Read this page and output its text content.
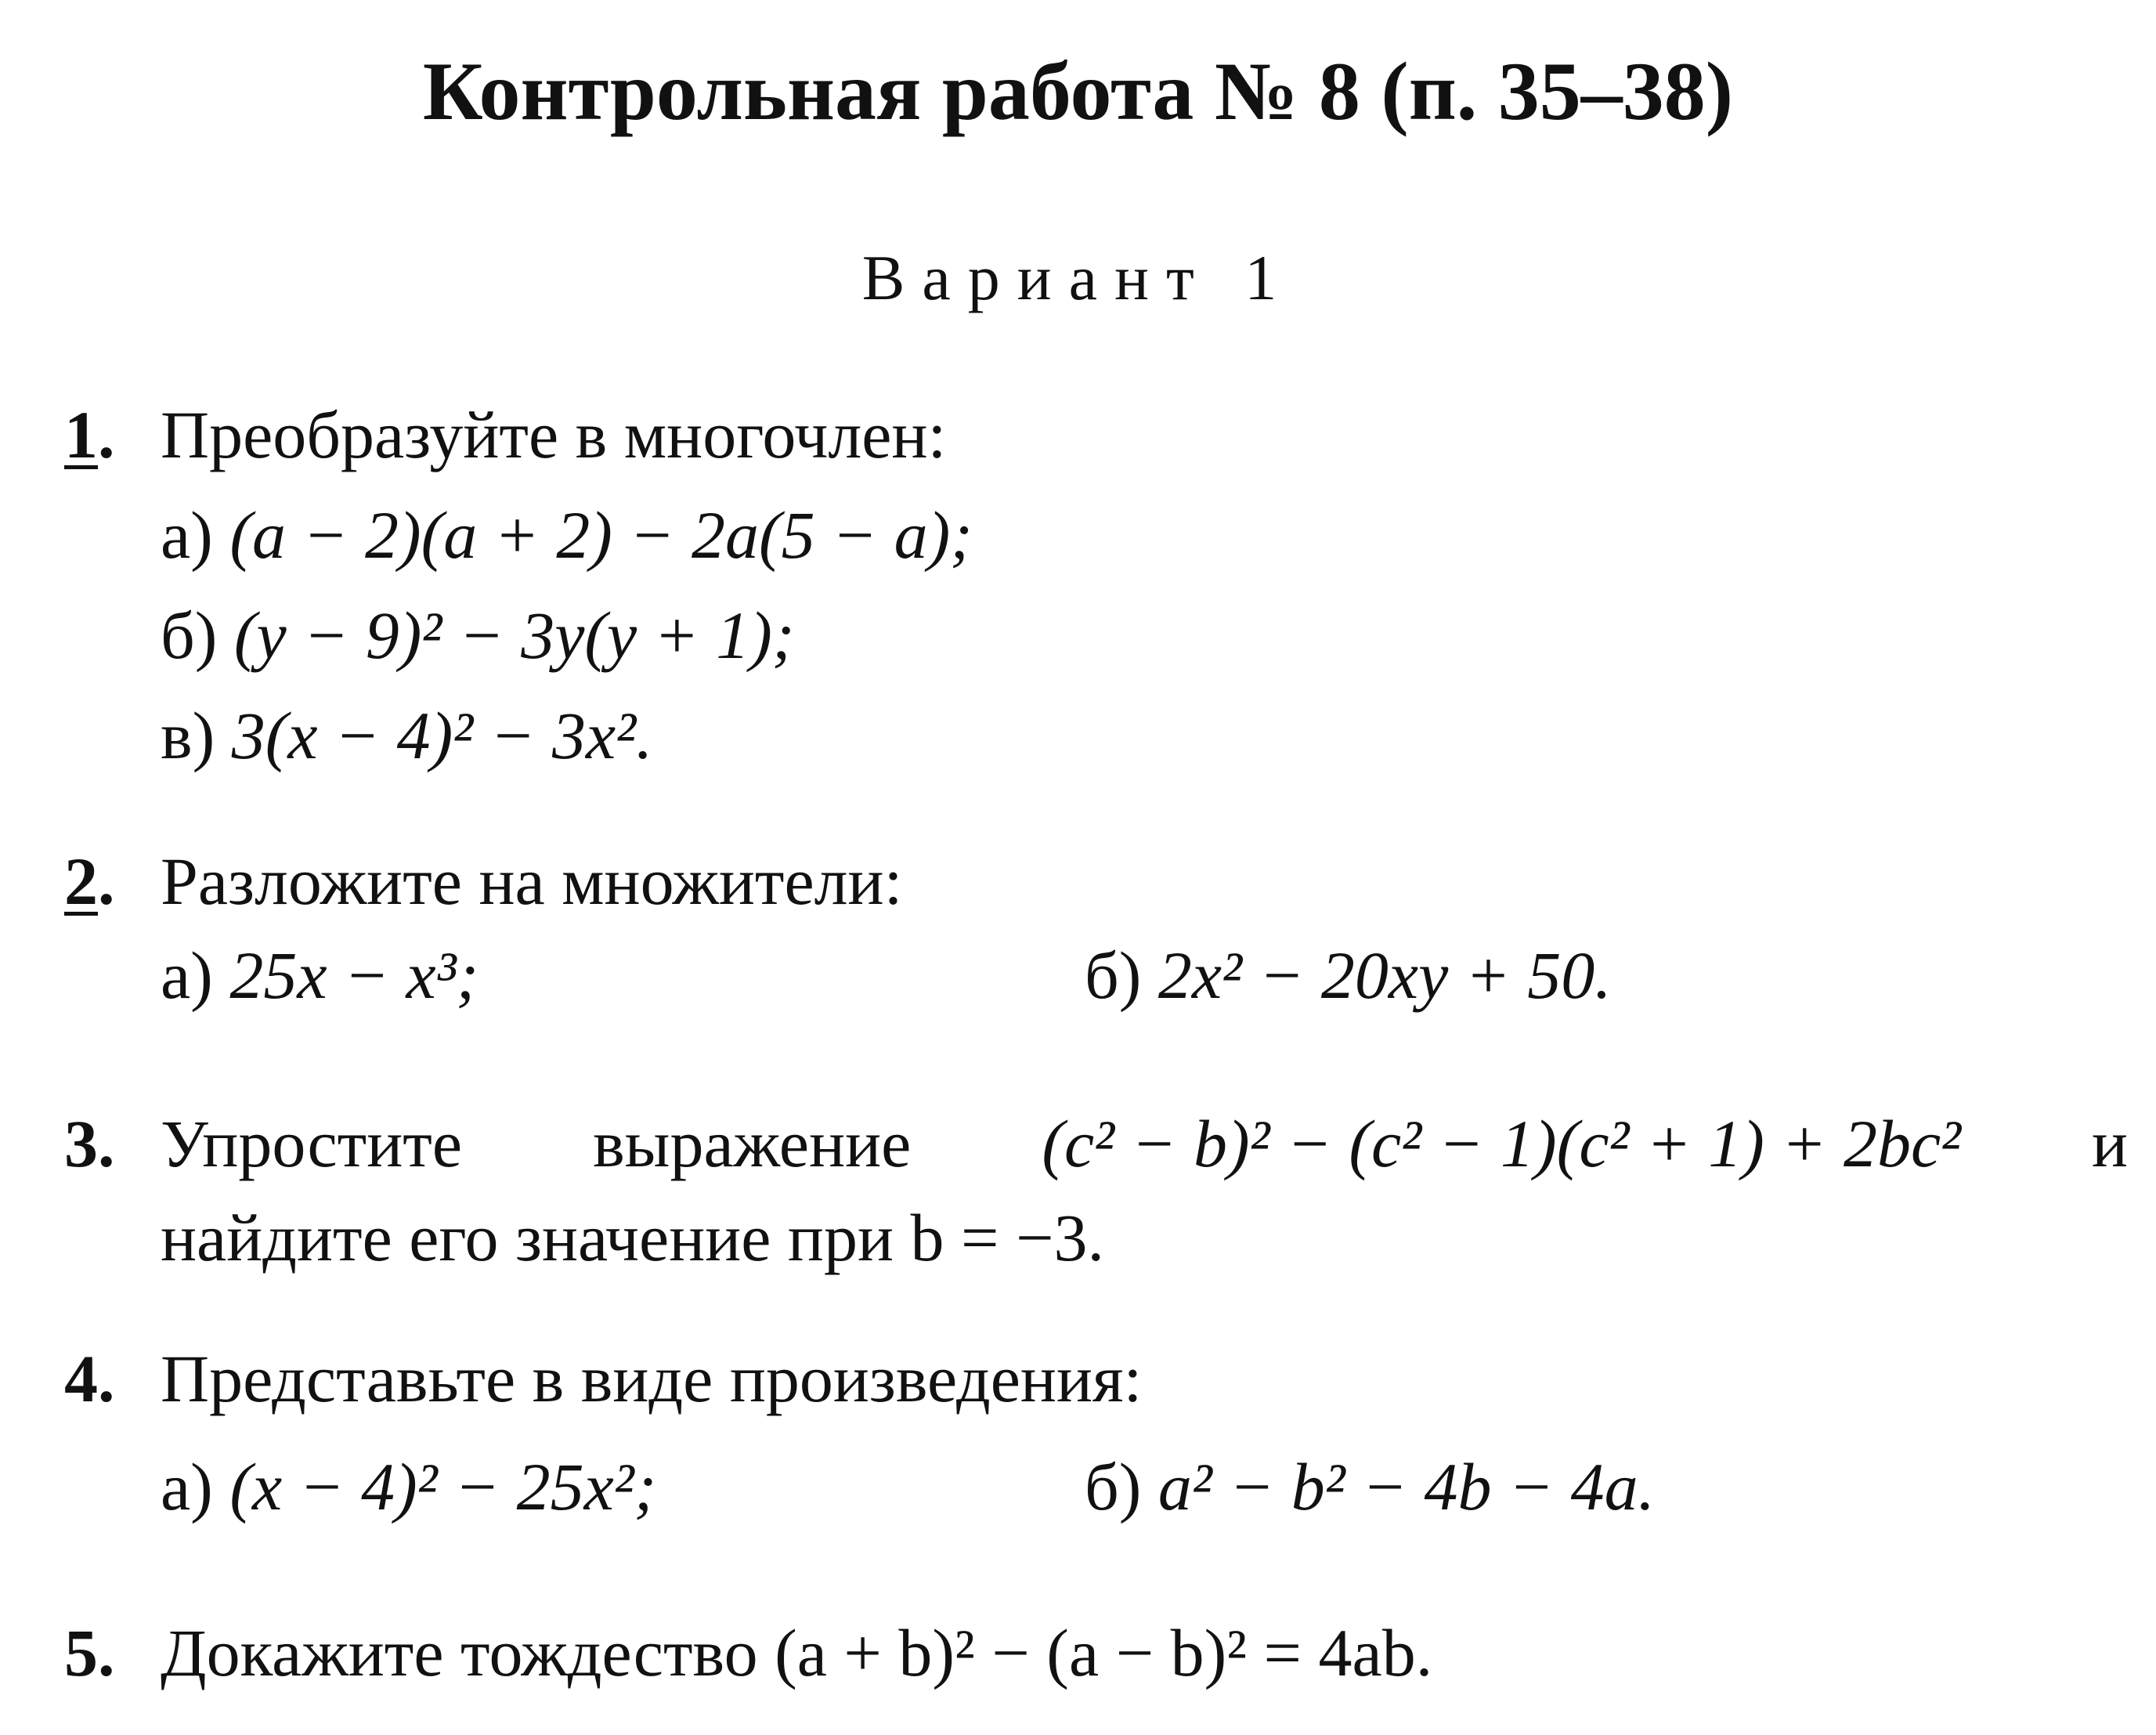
Контрольная работа № 8 (п. 35–38)
Вариант 1
1. Преобразуйте в многочлен:
а) (a − 2)(a + 2) − 2a(5 − a);
б) (y − 9)² − 3y(y + 1);
в) 3(x − 4)² − 3x².
2. Разложите на множители:
а) 25x − x³;	б) 2x² − 20xy + 50.
3. Упростите выражение (c² − b)² − (c² − 1)(c² + 1) + 2bc² и
найдите его значение при b = −3.
4. Представьте в виде произведения:
а) (x − 4)² − 25x²;	б) a² − b² − 4b − 4a.
5. Докажите тождество (a + b)² − (a − b)² = 4ab.
